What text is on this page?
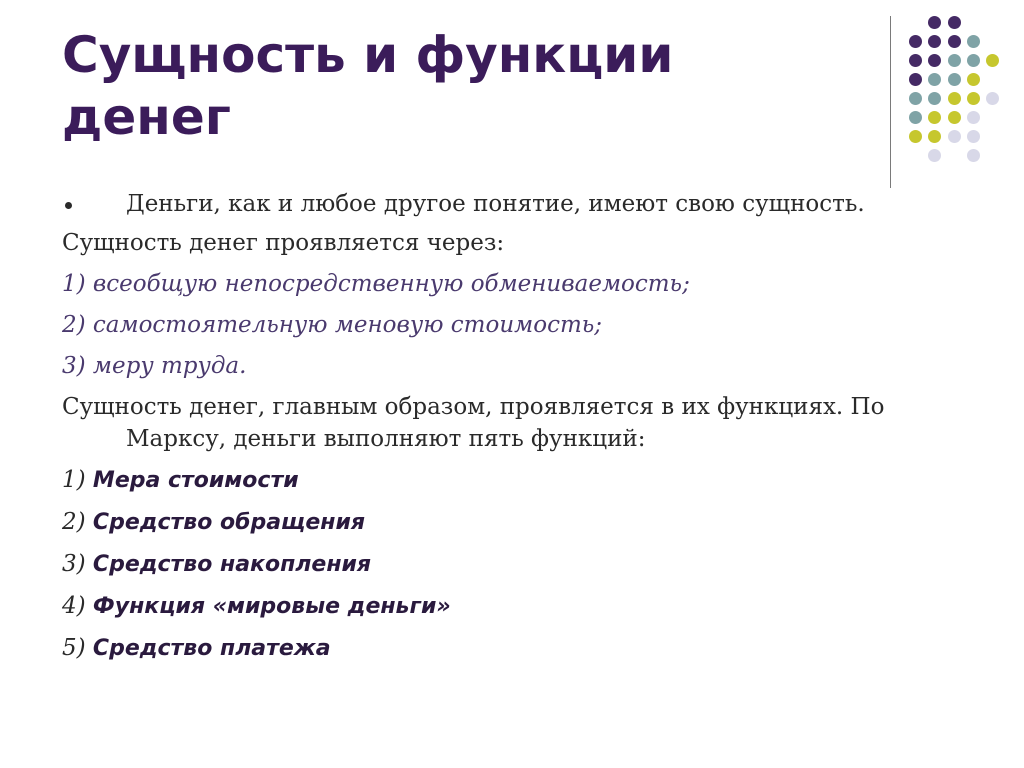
Сущность и функции
денег
Деньги, как и любое другое понятие, имеют свою сущность.

Сущность денег проявляется через:

1) всеобщую непосредственную обмениваемость;

2) самостоятельную меновую стоимость;

3) меру труда.

Сущность денег, главным образом, проявляется в их функциях. По Марксу, деньги выполняют пять функций:

1) Мера стоимости

2) Средство обращения

3) Средство накопления

4) Функция «мировые деньги»

5) Средство платежа
